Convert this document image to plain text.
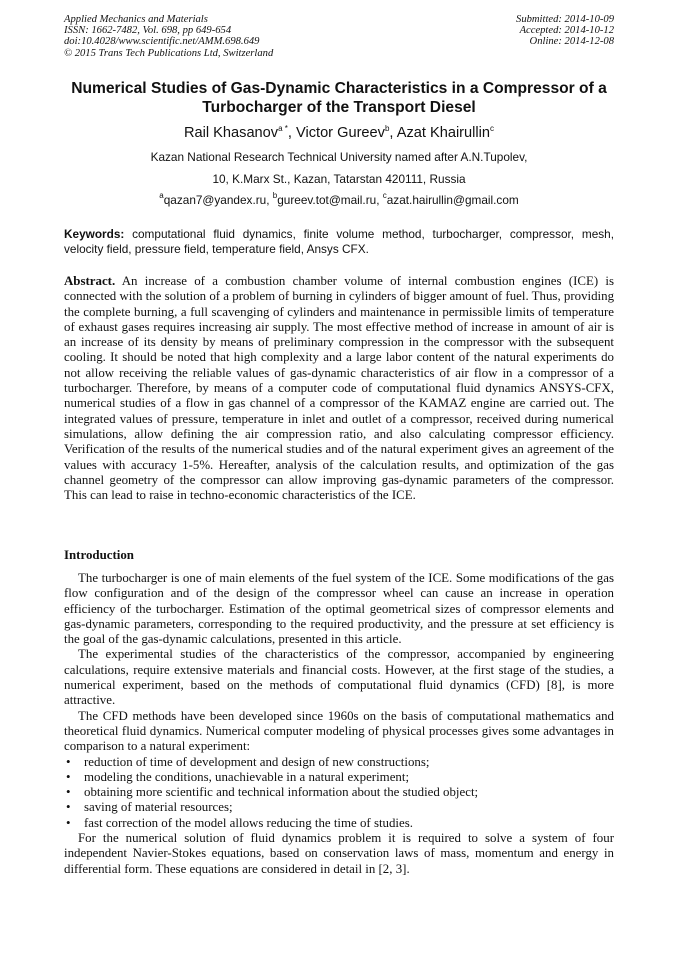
Applied Mechanics and Materials
ISSN: 1662-7482, Vol. 698, pp 649-654
doi:10.4028/www.scientific.net/AMM.698.649
© 2015 Trans Tech Publications Ltd, Switzerland
Submitted: 2014-10-09
Accepted: 2014-10-12
Online: 2014-12-08
Numerical Studies of Gas-Dynamic Characteristics in a Compressor of a Turbocharger of the Transport Diesel
Rail Khasanov$^{a *}$, Victor Gureev$^b$, Azat Khairullin$^c$
Kazan National Research Technical University named after A.N.Tupolev,
10, K.Marx St., Kazan, Tatarstan 420111, Russia
$^a$qazan7@yandex.ru, $^b$gureev.tot@mail.ru, $^c$azat.hairullin@gmail.com
Keywords: computational fluid dynamics, finite volume method, turbocharger, compressor, mesh, velocity field, pressure field, temperature field, Ansys CFX.
Abstract. An increase of a combustion chamber volume of internal combustion engines (ICE) is connected with the solution of a problem of burning in cylinders of bigger amount of fuel. Thus, providing the complete burning, a full scavenging of cylinders and maintenance in permissible limits of temperature of exhaust gases requires increasing air supply. The most effective method of increase in amount of air is an increase of its density by means of preliminary compression in the compressor with the subsequent cooling. It should be noted that high complexity and a large labor content of the natural experiments do not allow receiving the reliable values of gas-dynamic characteristics of air flow in a compressor of a turbocharger. Therefore, by means of a computer code of computational fluid dynamics ANSYS-CFX, numerical studies of a flow in gas channel of a compressor of the KAMAZ engine are carried out. The integrated values of pressure, temperature in inlet and outlet of a compressor, received during numerical simulations, allow defining the air compression ratio, and also calculating compressor efficiency. Verification of the results of the numerical studies and of the natural experiment gives an agreement of the values with accuracy 1-5%. Hereafter, analysis of the calculation results, and optimization of the gas channel geometry of the compressor can allow improving gas-dynamic parameters of the compressor. This can lead to raise in techno-economic characteristics of the ICE.
Introduction

The turbocharger is one of main elements of the fuel system of the ICE. Some modifications of the gas flow configuration and of the design of the compressor wheel can cause an increase in operation efficiency of the turbocharger. Estimation of the optimal geometrical sizes of compressor elements and gas-dynamic parameters, corresponding to the required productivity, and the pressure at set efficiency is the goal of the gas-dynamic calculations, presented in this article.

The experimental studies of the characteristics of the compressor, accompanied by engineering calculations, require extensive materials and financial costs. However, at the first stage of the studies, a numerical experiment, based on the methods of computational fluid dynamics (CFD) [8], is more attractive.

The CFD methods have been developed since 1960s on the basis of computational mathematics and theoretical fluid dynamics. Numerical computer modeling of physical processes gives some advantages in comparison to a natural experiment:

• reduction of time of development and design of new constructions;
• modeling the conditions, unachievable in a natural experiment;
• obtaining more scientific and technical information about the studied object;
• saving of material resources;
• fast correction of the model allows reducing the time of studies.

For the numerical solution of fluid dynamics problem it is required to solve a system of four independent Navier-Stokes equations, based on conservation laws of mass, momentum and energy in differential form. These equations are considered in detail in [2, 3].
